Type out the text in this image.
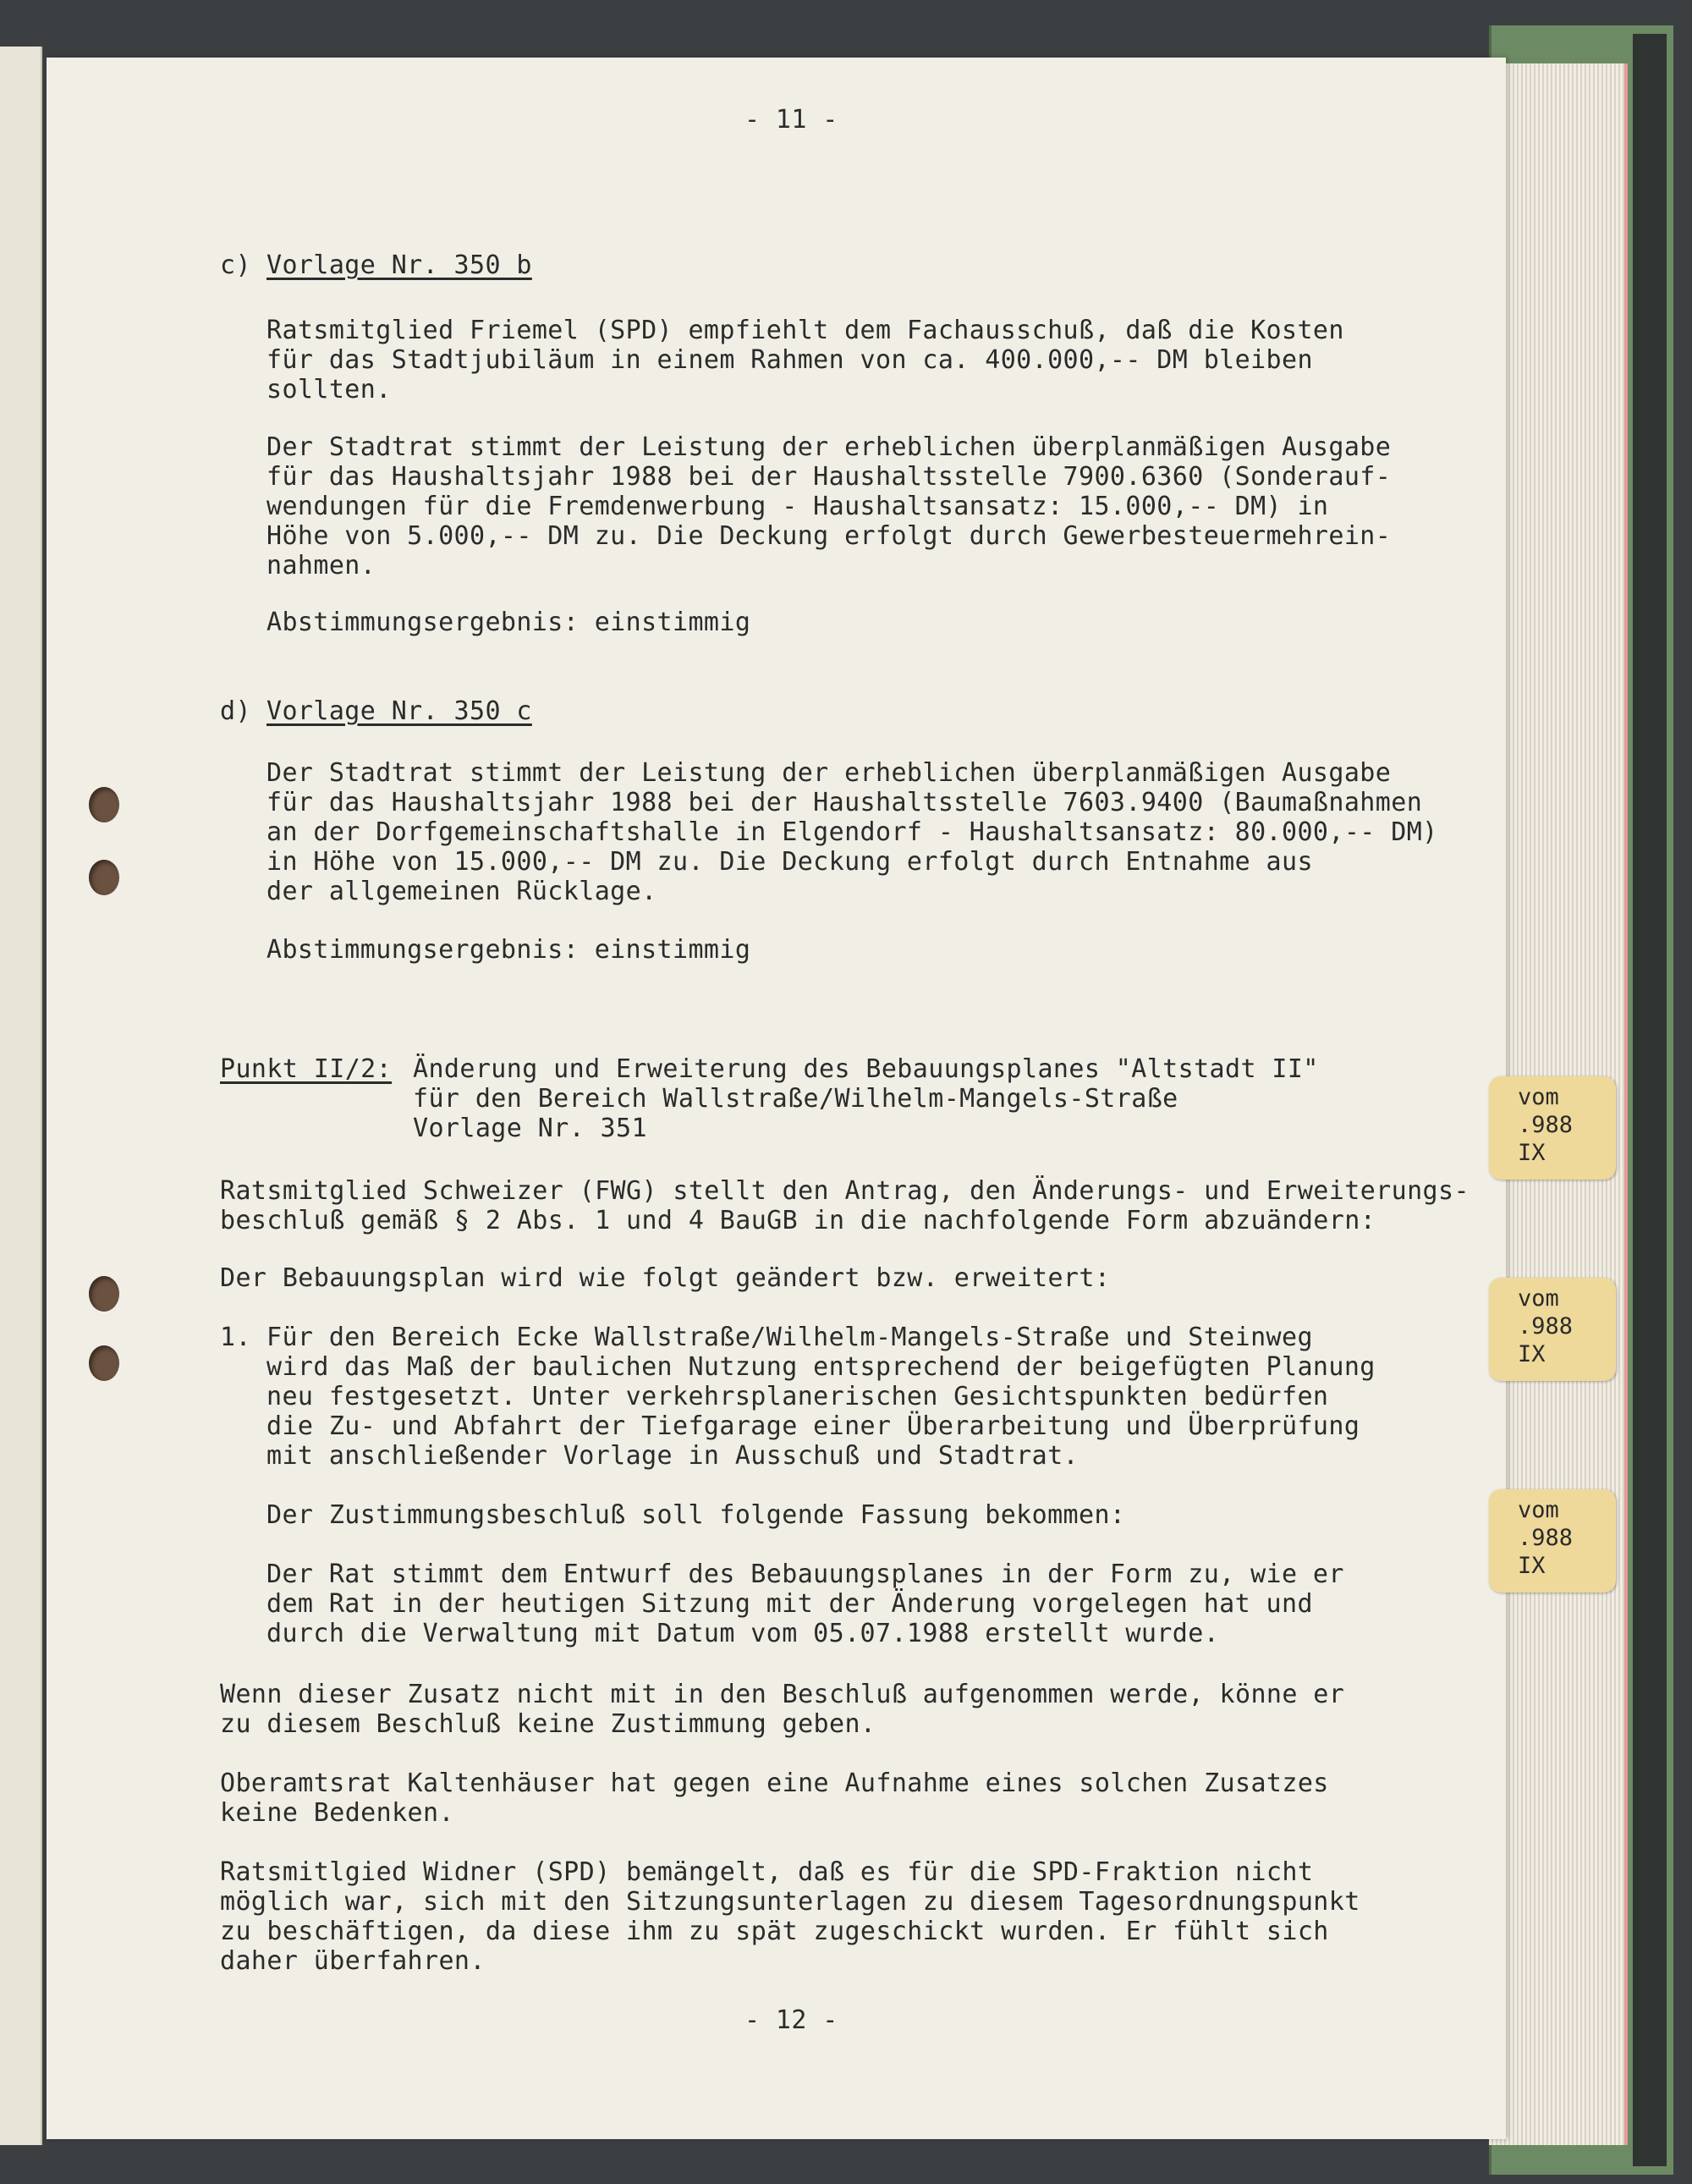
- 11 -
c) Vorlage Nr. 350 b
Ratsmitglied Friemel (SPD) empfiehlt dem Fachausschuß, daß die Kosten
für das Stadtjubiläum in einem Rahmen von ca. 400.000,-- DM bleiben
sollten.
Der Stadtrat stimmt der Leistung der erheblichen überplanmäßigen Ausgabe
für das Haushaltsjahr 1988 bei der Haushaltsstelle 7900.6360 (Sonderauf-
wendungen für die Fremdenwerbung - Haushaltsansatz: 15.000,-- DM) in
Höhe von 5.000,-- DM zu. Die Deckung erfolgt durch Gewerbesteuermehrein-
nahmen.
Abstimmungsergebnis: einstimmig
d) Vorlage Nr. 350 c
Der Stadtrat stimmt der Leistung der erheblichen überplanmäßigen Ausgabe
für das Haushaltsjahr 1988 bei der Haushaltsstelle 7603.9400 (Baumaßnahmen
an der Dorfgemeinschaftshalle in Elgendorf - Haushaltsansatz: 80.000,-- DM)
in Höhe von 15.000,-- DM zu. Die Deckung erfolgt durch Entnahme aus
der allgemeinen Rücklage.
Abstimmungsergebnis: einstimmig
Punkt II/2: Änderung und Erweiterung des Bebauungsplanes "Altstadt II"
für den Bereich Wallstraße/Wilhelm-Mangels-Straße
Vorlage Nr. 351
Ratsmitglied Schweizer (FWG) stellt den Antrag, den Änderungs- und Erweiterungs-
beschluß gemäß § 2 Abs. 1 und 4 BauGB in die nachfolgende Form abzuändern:
Der Bebauungsplan wird wie folgt geändert bzw. erweitert:
1. Für den Bereich Ecke Wallstraße/Wilhelm-Mangels-Straße und Steinweg
wird das Maß der baulichen Nutzung entsprechend der beigefügten Planung
neu festgesetzt. Unter verkehrsplanerischen Gesichtspunkten bedürfen
die Zu- und Abfahrt der Tiefgarage einer Überarbeitung und Überprüfung
mit anschließender Vorlage in Ausschuß und Stadtrat.
Der Zustimmungsbeschluß soll folgende Fassung bekommen:
Der Rat stimmt dem Entwurf des Bebauungsplanes in der Form zu, wie er
dem Rat in der heutigen Sitzung mit der Änderung vorgelegen hat und
durch die Verwaltung mit Datum vom 05.07.1988 erstellt wurde.
Wenn dieser Zusatz nicht mit in den Beschluß aufgenommen werde, könne er
zu diesem Beschluß keine Zustimmung geben.
Oberamtsrat Kaltenhäuser hat gegen eine Aufnahme eines solchen Zusatzes
keine Bedenken.
Ratsmitlgied Widner (SPD) bemängelt, daß es für die SPD-Fraktion nicht
möglich war, sich mit den Sitzungsunterlagen zu diesem Tagesordnungspunkt
zu beschäftigen, da diese ihm zu spät zugeschickt wurden. Er fühlt sich
daher überfahren.
- 12 -
vom
.988
IX
vom
.988
IX
vom
.988
IX
